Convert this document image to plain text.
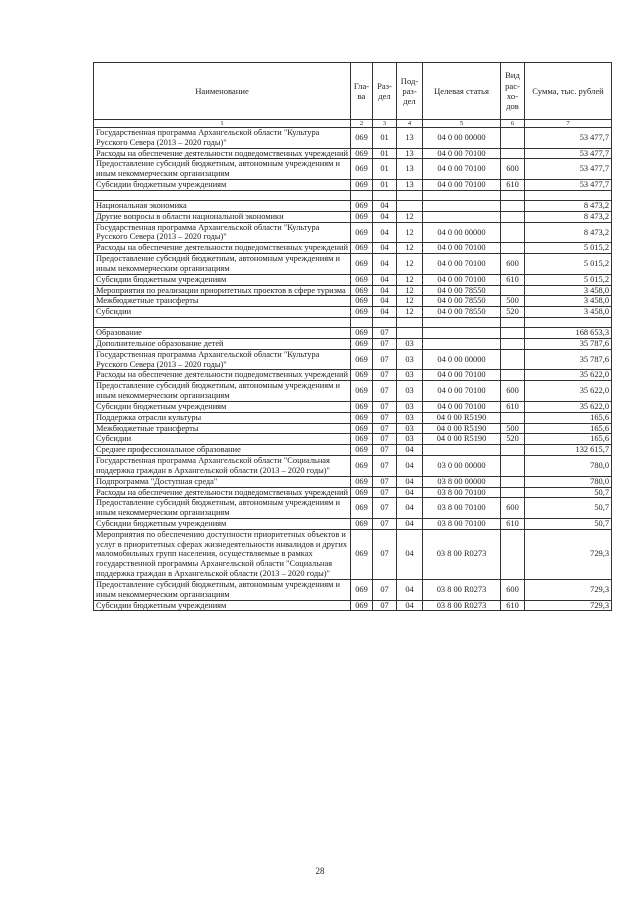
Наименование	Гла-ва	Раз-дел	Под-раз-дел	Целевая статья	Вид рас-хо-дов	Сумма, тыс. рублей
1	2	3	4	5	6	7
Государственная программа Архангельской области "Культура Русского Севера (2013 – 2020 годы)"	069	01	13	04 0 00 00000		53 477,7
Расходы на обеспечение деятельности подведомственных учреждений	069	01	13	04 0 00 70100		53 477,7
Предоставление субсидий бюджетным, автономным учреждениям и иным некоммерческим организациям	069	01	13	04 0 00 70100	600	53 477,7
Субсидии бюджетным учреждениям	069	01	13	04 0 00 70100	610	53 477,7

Национальная экономика	069	04				8 473,2
Другие вопросы в области национальной экономики	069	04	12			8 473,2
Государственная программа Архангельской области "Культура Русского Севера (2013 – 2020 годы)"	069	04	12	04 0 00 00000		8 473,2
Расходы на обеспечение деятельности подведомственных учреждений	069	04	12	04 0 00 70100		5 015,2
Предоставление субсидий бюджетным, автономным учреждениям и иным некоммерческим организациям	069	04	12	04 0 00 70100	600	5 015,2
Субсидии бюджетным учреждениям	069	04	12	04 0 00 70100	610	5 015,2
Мероприятия по реализации приоритетных проектов в сфере туризма	069	04	12	04 0 00 78550		3 458,0
Межбюджетные трансферты	069	04	12	04 0 00 78550	500	3 458,0
Субсидии	069	04	12	04 0 00 78550	520	3 458,0

Образование	069	07				168 653,3
Дополнительное образование детей	069	07	03			35 787,6
Государственная программа Архангельской области "Культура Русского Севера (2013 – 2020 годы)"	069	07	03	04 0 00 00000		35 787,6
Расходы на обеспечение деятельности подведомственных учреждений	069	07	03	04 0 00 70100		35 622,0
Предоставление субсидий бюджетным, автономным учреждениям и иным некоммерческим организациям	069	07	03	04 0 00 70100	600	35 622,0
Субсидии бюджетным учреждениям	069	07	03	04 0 00 70100	610	35 622,0
Поддержка отрасли культуры	069	07	03	04 0 00 R5190		165,6
Межбюджетные трансферты	069	07	03	04 0 00 R5190	500	165,6
Субсидии	069	07	03	04 0 00 R5190	520	165,6
Среднее профессиональное образование	069	07	04			132 615,7
Государственная программа Архангельской области "Социальная поддержка граждан в Архангельской области (2013 – 2020 годы)"	069	07	04	03 0 00 00000		780,0
Подпрограмма "Доступная среда"	069	07	04	03 8 00 00000		780,0
Расходы на обеспечение деятельности подведомственных учреждений	069	07	04	03 8 00 70100		50,7
Предоставление субсидий бюджетным, автономным учреждениям и иным некоммерческим организациям	069	07	04	03 8 00 70100	600	50,7
Субсидии бюджетным учреждениям	069	07	04	03 8 00 70100	610	50,7
Мероприятия по обеспечению доступности приоритетных объектов и услуг в приоритетных сферах жизнедеятельности инвалидов и других маломобильных групп населения, осуществляемые в рамках государственной программы Архангельской области "Социальная поддержка граждан в Архангельской области (2013 – 2020 годы)"	069	07	04	03 8 00 R0273		729,3
Предоставление субсидий бюджетным, автономным учреждениям и иным некоммерческим организациям	069	07	04	03 8 00 R0273	600	729,3
Субсидии бюджетным учреждениям	069	07	04	03 8 00 R0273	610	729,3
28
